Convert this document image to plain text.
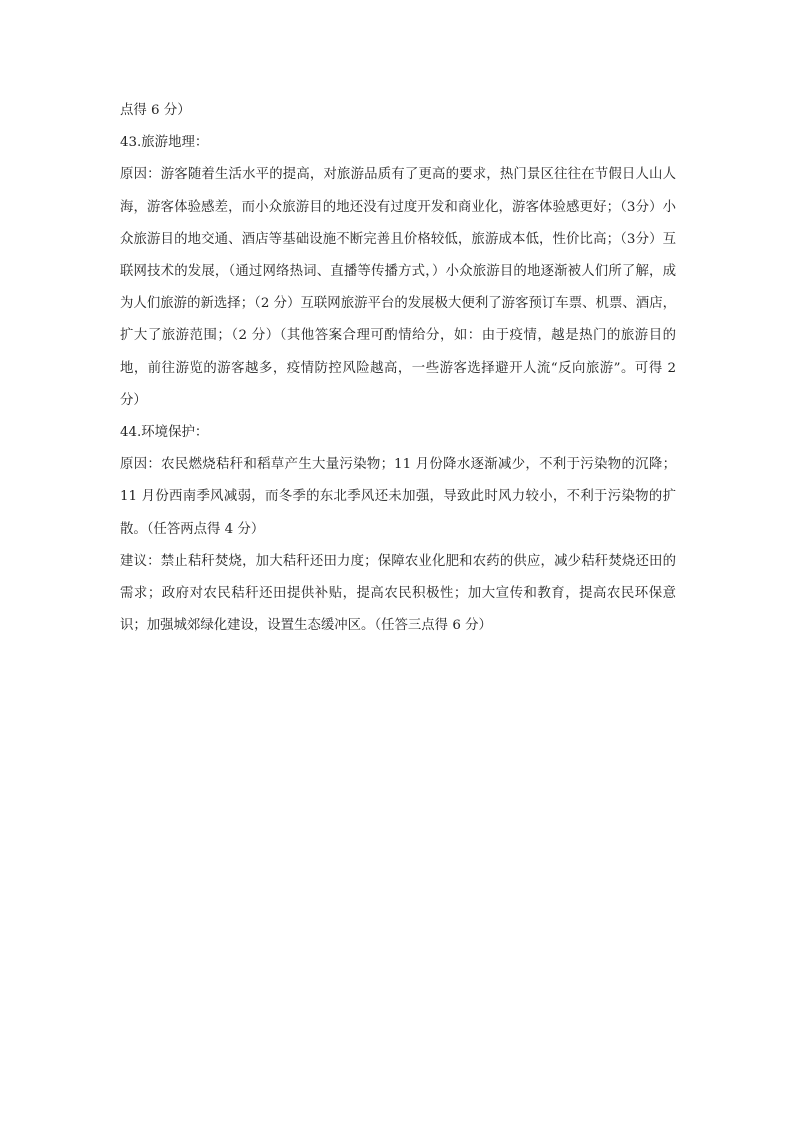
点得 6 分）

43.旅游地理：

原因：游客随着生活水平的提高，对旅游品质有了更高的要求，热门景区往往在节假日人山人海，游客体验感差，而小众旅游目的地还没有过度开发和商业化，游客体验感更好；（3分）小众旅游目的地交通、酒店等基础设施不断完善且价格较低，旅游成本低，性价比高；（3分）互联网技术的发展，（通过网络热词、直播等传播方式，）小众旅游目的地逐渐被人们所了解，成为人们旅游的新选择；（2 分）互联网旅游平台的发展极大便利了游客预订车票、机票、酒店，扩大了旅游范围；（2 分）（其他答案合理可酌情给分，如：由于疫情，越是热门的旅游目的地，前往游览的游客越多，疫情防控风险越高，一些游客选择避开人流“反向旅游”。可得 2 分）

44.环境保护：

原因：农民燃烧秸秆和稻草产生大量污染物；11 月份降水逐渐减少，不利于污染物的沉降；11 月份西南季风减弱，而冬季的东北季风还未加强，导致此时风力较小，不利于污染物的扩散。（任答两点得 4 分）

建议：禁止秸秆焚烧，加大秸秆还田力度；保障农业化肥和农药的供应，减少秸秆焚烧还田的需求；政府对农民秸秆还田提供补贴，提高农民积极性；加大宣传和教育，提高农民环保意识；加强城郊绿化建设，设置生态缓冲区。（任答三点得 6 分）
